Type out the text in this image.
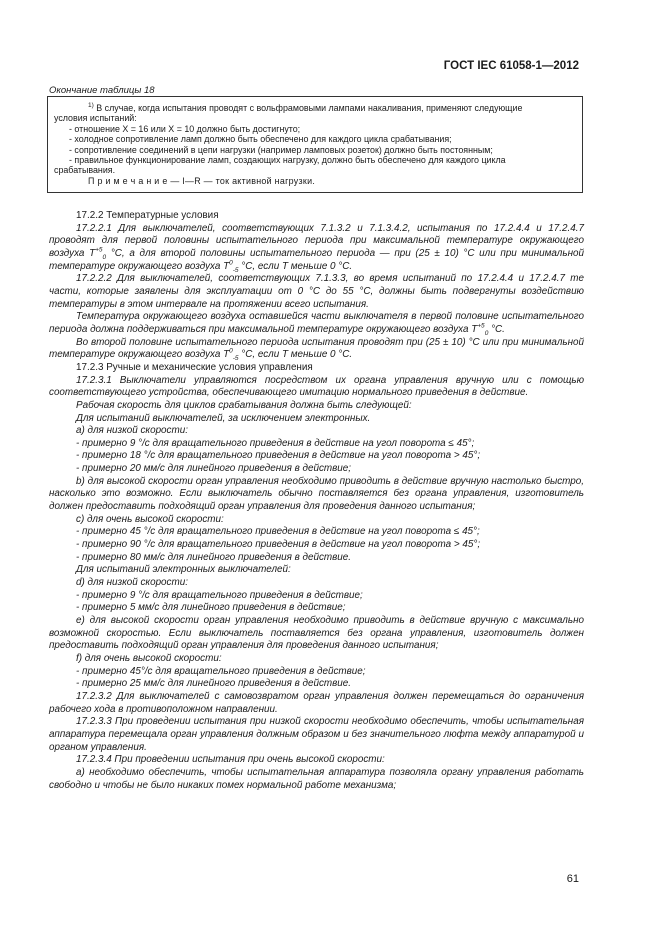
ГОСТ IEC 61058-1—2012
Окончание таблицы 18
$^{1)}$ В случае, когда испытания проводят с вольфрамовыми лампами накаливания, применяют следующие
условия испытаний:
- отношение X = 16 или X = 10 должно быть достигнуто;
- холодное сопротивление ламп должно быть обеспечено для каждого цикла срабатывания;
- сопротивление соединений в цепи нагрузки (например ламповых розеток) должно быть постоянным;
- правильное функционирование ламп, создающих нагрузку, должно быть обеспечено для каждого цикла
срабатывания.
П р и м е ч а н и е — I—R — ток активной нагрузки.

17.2.2 Температурные условия

17.2.2.1 Для выключателей, соответствующих 7.1.3.2 и 7.1.3.4.2, испытания по 17.2.4.4 и 17.2.4.7 проводят для первой половины испытательного периода при максимальной температуре окружающего воздуха $Т^{+5}_0$ °С, а для второй половины испытательного периода — при (25 ± 10) °С или при минимальной температуре окружающего воздуха $Т^0_{-5}$ °С, если Т меньше 0 °С.

17.2.2.2 Для выключателей, соответствующих 7.1.3.3, во время испытаний по 17.2.4.4 и 17.2.4.7 те части, которые заявлены для эксплуатации от 0 °С до 55 °С, должны быть подвергнуты воздействию температуры в этом интервале на протяжении всего испытания.

Температура окружающего воздуха оставшейся части выключателя в первой половине испытательного периода должна поддерживаться при максимальной температуре окружающего воздуха $Т^{+5}_0$ °С.

Во второй половине испытательного периода испытания проводят при (25 ± 10) °С или при минимальной температуре окружающего воздуха $Т^0_{-5}$ °С, если Т меньше 0 °С.

17.2.3 Ручные и механические условия управления

17.2.3.1 Выключатели управляются посредством их органа управления вручную или с помощью соответствующего устройства, обеспечивающего имитацию нормального приведения в действие.

Рабочая скорость для циклов срабатывания должна быть следующей:

Для испытаний выключателей, за исключением электронных.

a) для низкой скорости:

- примерно 9 °/с для вращательного приведения в действие на угол поворота ≤ 45°;

- примерно 18 °/с для вращательного приведения в действие на угол поворота > 45°;

- примерно 20 мм/с для линейного приведения в действие;

b) для высокой скорости орган управления необходимо приводить в действие вручную настолько быстро, насколько это возможно. Если выключатель обычно поставляется без органа управления, изготовитель должен предоставить подходящий орган управления для проведения данного испытания;

c) для очень высокой скорости:

- примерно 45 °/с для вращательного приведения в действие на угол поворота ≤ 45°;

- примерно 90 °/с для вращательного приведения в действие на угол поворота > 45°;

- примерно 80 мм/с для линейного приведения в действие.

Для испытаний электронных выключателей:

d) для низкой скорости:

- примерно 9 °/с для вращательного приведения в действие;

- примерно 5 мм/с для линейного приведения в действие;

e) для высокой скорости орган управления необходимо приводить в действие вручную с максимально возможной скоростью. Если выключатель поставляется без органа управления, изготовитель должен предоставить подходящий орган управления для проведения данного испытания;

f) для очень высокой скорости:

- примерно 45°/с для вращательного приведения в действие;

- примерно 25 мм/с для линейного приведения в действие.

17.2.3.2 Для выключателей с самовозвратом орган управления должен перемещаться до ограничения рабочего хода в противоположном направлении.

17.2.3.3 При проведении испытания при низкой скорости необходимо обеспечить, чтобы испытательная аппаратура перемещала орган управления должным образом и без значительного люфта между аппаратурой и органом управления.

17.2.3.4 При проведении испытания при очень высокой скорости:

a) необходимо обеспечить, чтобы испытательная аппаратура позволяла органу управления работать свободно и чтобы не было никаких помех нормальной работе механизма;

61
